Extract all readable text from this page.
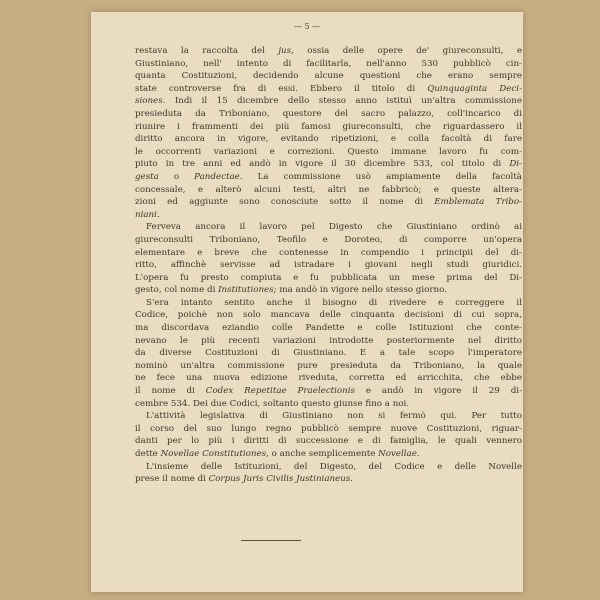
— 5 —
restava la raccolta del jus, ossia delle opere de' giureconsulti, e
Giustiniano, nell' intento di facilitarla, nell'anno 530 pubblicò cin-
quanta Costituzioni, decidendo alcune questioni che erano sempre
state controverse fra di essi. Ebbero il titolo di Quinquaginta Deci-
siones. Indi il 15 dicembre dello stesso anno istituì un'altra commissione
presieduta da Triboniano, questore del sacro palazzo, coll'incarico di
riunire i frammenti dei più famosi giureconsulti, che riguardassero il
diritto ancora in vigore, evitando ripetizioni, e colla facoltà di fare
le occorrenti variazioni e correzioni. Questo immane lavoro fu com-
piuto in tre anni ed andò in vigore il 30 dicembre 533, col titolo di Di-
gesta o Pandectae. La commissione usò ampiamente della facoltà
concessale, e alterò alcuni testi, altri ne fabbricò; e queste altera-
zioni ed aggiunte sono conosciute sotto il nome di Emblemata Tribo-
niani.
Ferveva ancora il lavoro pel Digesto che Giustiniano ordinò ai
giureconsulti Triboniano, Teofilo e Doroteo, di comporre un'opera
elementare e breve che contenesse in compendio i principii del di-
ritto, affinchè servisse ad istradare i giovani negli studi giuridici.
L'opera fu presto compiuta e fu pubblicata un mese prima del Di-
gesto, col nome di Institutiones; ma andò in vigore nello stesso giorno.
S'era intanto sentito anche il bisogno di rivedere e correggere il
Codice, poichè non solo mancava delle cinquanta decisioni di cui sopra,
ma discordava eziandio colle Pandette e colle Istituzioni che conte-
nevano le più recenti variazioni introdotte posteriormente nel diritto
da diverse Costituzioni di Giustiniano. E a tale scopo l'imperatore
nominò un'altra commissione pure presieduta da Triboniano, la quale
ne fece una nuova edizione riveduta, corretta ed arricchita, che ebbe
il nome di Codex Repetitae Praelectionis e andò in vigore il 29 di-
cembre 534. Dei due Codici, soltanto questo giunse fino a noi.
L'attività legislativa di Giustiniano non si fermò qui. Per tutto
il corso del suo lungo regno pubblicò sempre nuove Costituzioni, riguar-
danti per lo più i diritti di successione e di famiglia, le quali vennero
dette Novellae Constitutiones, o anche semplicemente Novellae.
L'insieme delle Istituzioni, del Digesto, del Codice e delle Novelle
prese il nome di Corpus Juris Civilis Justinianeus.
